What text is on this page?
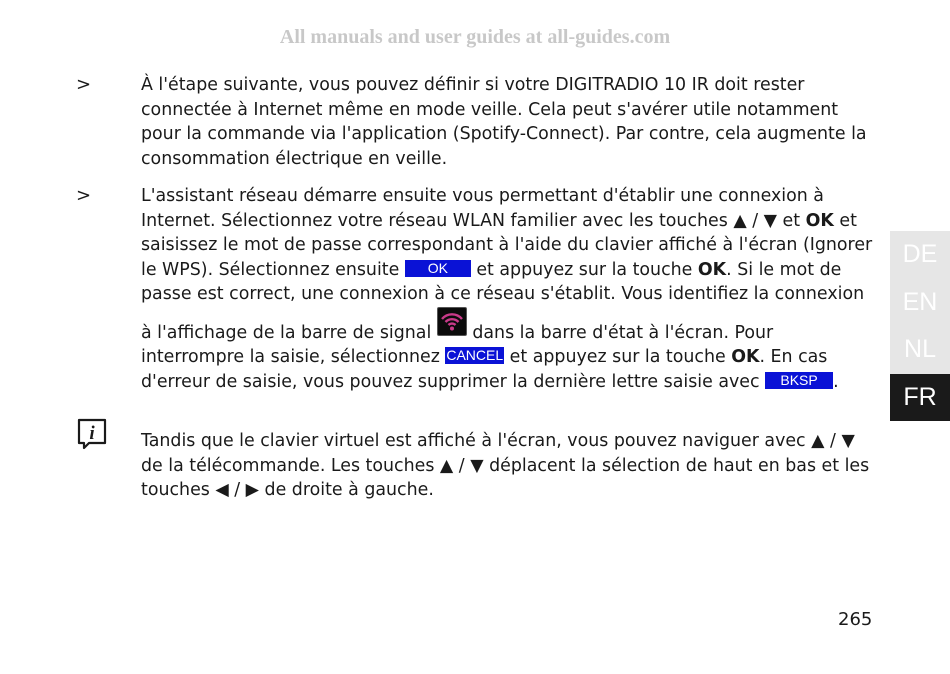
All manuals and user guides at all-guides.com
>	À l'étape suivante, vous pouvez définir si votre DIGITRADIO 10 IR doit rester connectée à Internet même en mode veille. Cela peut s'avérer utile notamment pour la commande via l'application (Spotify-Connect). Par contre, cela augmente la consommation électrique en veille.
>	L'assistant réseau démarre ensuite vous permettant d'établir une connexion à Internet. Sélectionnez votre réseau WLAN familier avec les touches ▲ / ▼ et OK et saisissez le mot de passe correspondant à l'aide du clavier affiché à l'écran (Ignorer le WPS). Sélectionnez ensuite OK et appuyez sur la touche OK. Si le mot de passe est correct, une connexion à ce réseau s'établit. Vous identifiez la connexion à l'affichage de la barre de signal
dans la barre d'état à l'écran. Pour interrompre la saisie, sélectionnez CANCEL et appuyez sur la touche OK. En cas d'erreur de saisie, vous pouvez supprimer la dernière lettre saisie avec BKSP .
i	Tandis que le clavier virtuel est affiché à l'écran, vous pouvez naviguer avec ▲ / ▼ de la télécommande. Les touches ▲ / ▼ déplacent la sélection de haut en bas et les touches ◀ / ▶ de droite à gauche.
DE
EN
NL
FR
265
